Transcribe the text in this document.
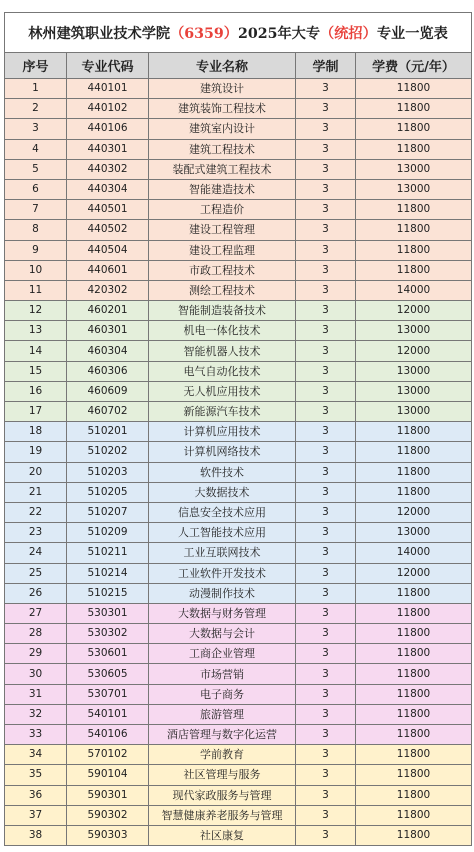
林州建筑职业技术学院（6359）2025年大专（统招）专业一览表				
序号	专业代码	专业名称	学制	学费（元/年）
1	440101	建筑设计	3	11800
2	440102	建筑装饰工程技术	3	11800
3	440106	建筑室内设计	3	11800
4	440301	建筑工程技术	3	11800
5	440302	装配式建筑工程技术	3	13000
6	440304	智能建造技术	3	13000
7	440501	工程造价	3	11800
8	440502	建设工程管理	3	11800
9	440504	建设工程监理	3	11800
10	440601	市政工程技术	3	11800
11	420302	测绘工程技术	3	14000
12	460201	智能制造装备技术	3	12000
13	460301	机电一体化技术	3	13000
14	460304	智能机器人技术	3	12000
15	460306	电气自动化技术	3	13000
16	460609	无人机应用技术	3	13000
17	460702	新能源汽车技术	3	13000
18	510201	计算机应用技术	3	11800
19	510202	计算机网络技术	3	11800
20	510203	软件技术	3	11800
21	510205	大数据技术	3	11800
22	510207	信息安全技术应用	3	12000
23	510209	人工智能技术应用	3	13000
24	510211	工业互联网技术	3	14000
25	510214	工业软件开发技术	3	12000
26	510215	动漫制作技术	3	11800
27	530301	大数据与财务管理	3	11800
28	530302	大数据与会计	3	11800
29	530601	工商企业管理	3	11800
30	530605	市场营销	3	11800
31	530701	电子商务	3	11800
32	540101	旅游管理	3	11800
33	540106	酒店管理与数字化运营	3	11800
34	570102	学前教育	3	11800
35	590104	社区管理与服务	3	11800
36	590301	现代家政服务与管理	3	11800
37	590302	智慧健康养老服务与管理	3	11800
38	590303	社区康复	3	11800
